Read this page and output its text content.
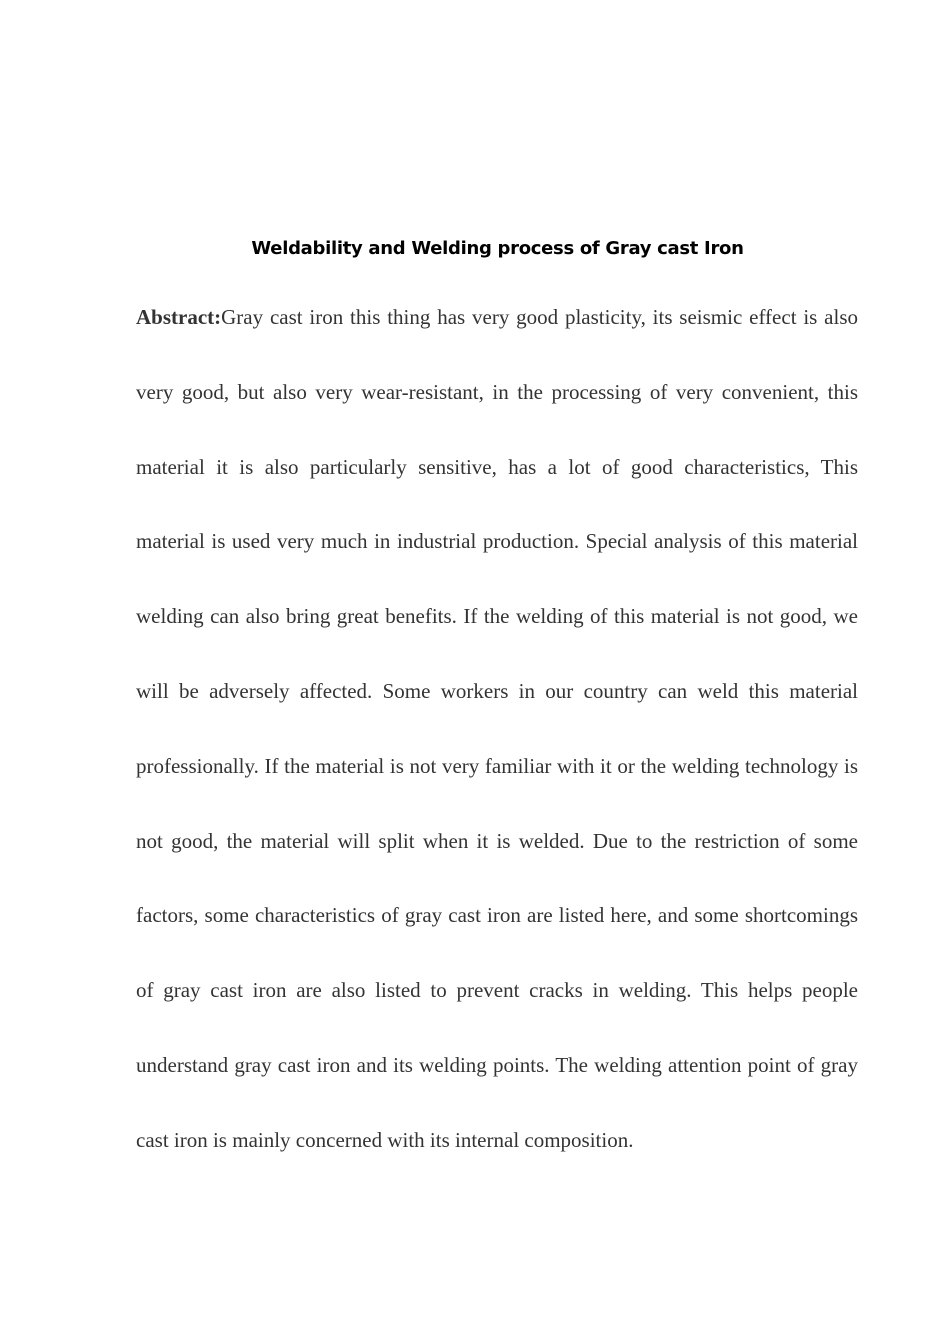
Weldability and Welding process of Gray cast Iron

Abstract:Gray cast iron this thing has very good plasticity, its seismic effect is also very good, but also very wear-resistant, in the processing of very convenient, this material it is also particularly sensitive, has a lot of good characteristics, This material is used very much in industrial production. Special analysis of this material welding can also bring great benefits. If the welding of this material is not good, we will be adversely affected. Some workers in our country can weld this material professionally. If the material is not very familiar with it or the welding technology is not good, the material will split when it is welded. Due to the restriction of some factors, some characteristics of gray cast iron are listed here, and some shortcomings of gray cast iron are also listed to prevent cracks in welding. This helps people understand gray cast iron and its welding points. The welding attention point of gray cast iron is mainly concerned with its internal composition.
